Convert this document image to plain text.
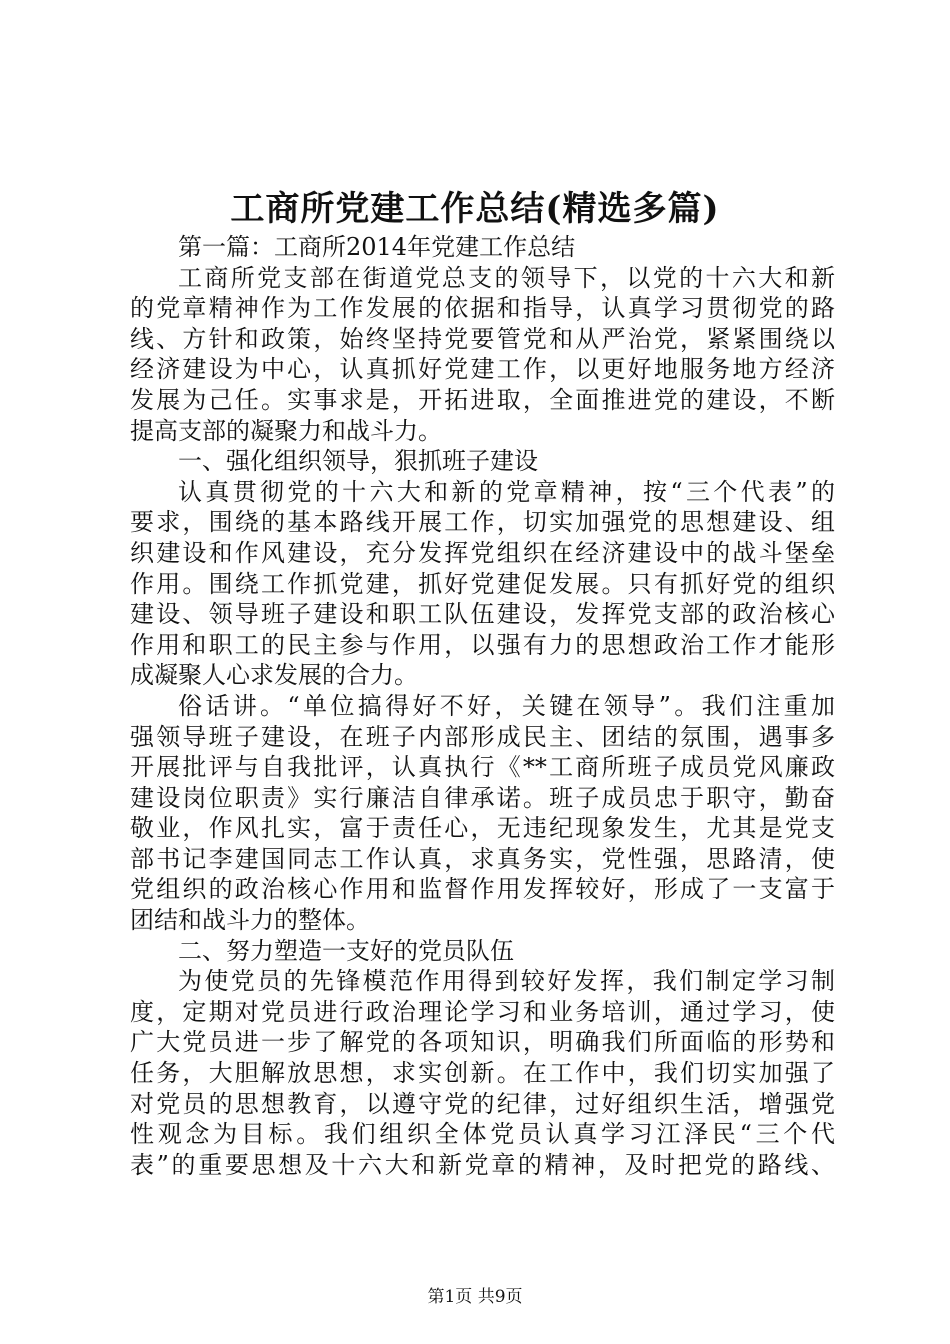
工商所党建工作总结(精选多篇)
第一篇：工商所2014年党建工作总结
工商所党支部在街道党总支的领导下，以党的十六大和新
的党章精神作为工作发展的依据和指导，认真学习贯彻党的路
线、方针和政策，始终坚持党要管党和从严治党，紧紧围绕以
经济建设为中心，认真抓好党建工作，以更好地服务地方经济
发展为己任。实事求是，开拓进取，全面推进党的建设，不断
提高支部的凝聚力和战斗力。
一、强化组织领导，狠抓班子建设
认真贯彻党的十六大和新的党章精神，按“三个代表”的
要求，围绕的基本路线开展工作，切实加强党的思想建设、组
织建设和作风建设，充分发挥党组织在经济建设中的战斗堡垒
作用。围绕工作抓党建，抓好党建促发展。只有抓好党的组织
建设、领导班子建设和职工队伍建设，发挥党支部的政治核心
作用和职工的民主参与作用，以强有力的思想政治工作才能形
成凝聚人心求发展的合力。
俗话讲。“单位搞得好不好，关键在领导”。我们注重加
强领导班子建设，在班子内部形成民主、团结的氛围，遇事多
开展批评与自我批评，认真执行《**工商所班子成员党风廉政
建设岗位职责》实行廉洁自律承诺。班子成员忠于职守，勤奋
敬业，作风扎实，富于责任心，无违纪现象发生，尤其是党支
部书记李建国同志工作认真，求真务实，党性强，思路清，使
党组织的政治核心作用和监督作用发挥较好，形成了一支富于
团结和战斗力的整体。
二、努力塑造一支好的党员队伍
为使党员的先锋模范作用得到较好发挥，我们制定学习制
度，定期对党员进行政治理论学习和业务培训，通过学习，使
广大党员进一步了解党的各项知识，明确我们所面临的形势和
任务，大胆解放思想，求实创新。在工作中，我们切实加强了
对党员的思想教育，以遵守党的纪律，过好组织生活，增强党
性观念为目标。我们组织全体党员认真学习江泽民“三个代
表”的重要思想及十六大和新党章的精神，及时把党的路线、
第1页 共9页
